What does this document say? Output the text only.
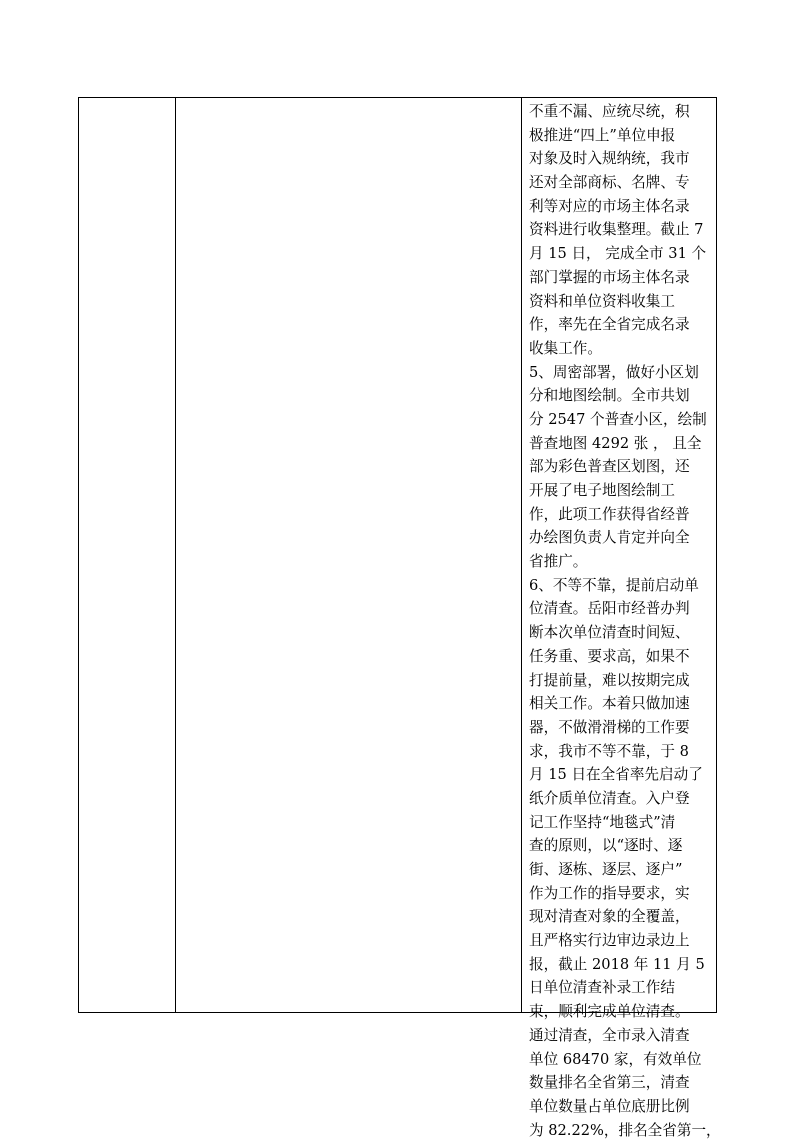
不重不漏、应统尽统，积
极推进“四上”单位申报
对象及时入规纳统，我市
还对全部商标、名牌、专
利等对应的市场主体名录
资料进行收集整理。截止 7
月 15 日， 完成全市 31 个
部门掌握的市场主体名录
资料和单位资料收集工
作，率先在全省完成名录
收集工作。
5、周密部署，做好小区划
分和地图绘制。全市共划
分 2547 个普查小区，绘制
普查地图 4292 张 ， 且全
部为彩色普查区划图，还
开展了电子地图绘制工
作，此项工作获得省经普
办绘图负责人肯定并向全
省推广。
6、不等不靠，提前启动单
位清查。岳阳市经普办判
断本次单位清查时间短、
任务重、要求高，如果不
打提前量，难以按期完成
相关工作。本着只做加速
器，不做滑滑梯的工作要
求，我市不等不靠，于 8
月 15 日在全省率先启动了
纸介质单位清查。入户登
记工作坚持“地毯式”清
查的原则，以“逐时、逐
街、逐栋、逐层、逐户”
作为工作的指导要求，实
现对清查对象的全覆盖，
且严格实行边审边录边上
报，截止 2018 年 11 月 5
日单位清查补录工作结
束，顺利完成单位清查。
通过清查，全市录入清查
单位 68470 家，有效单位
数量排名全省第三，清查
单位数量占单位底册比例
为 82.22%，排名全省第一，
